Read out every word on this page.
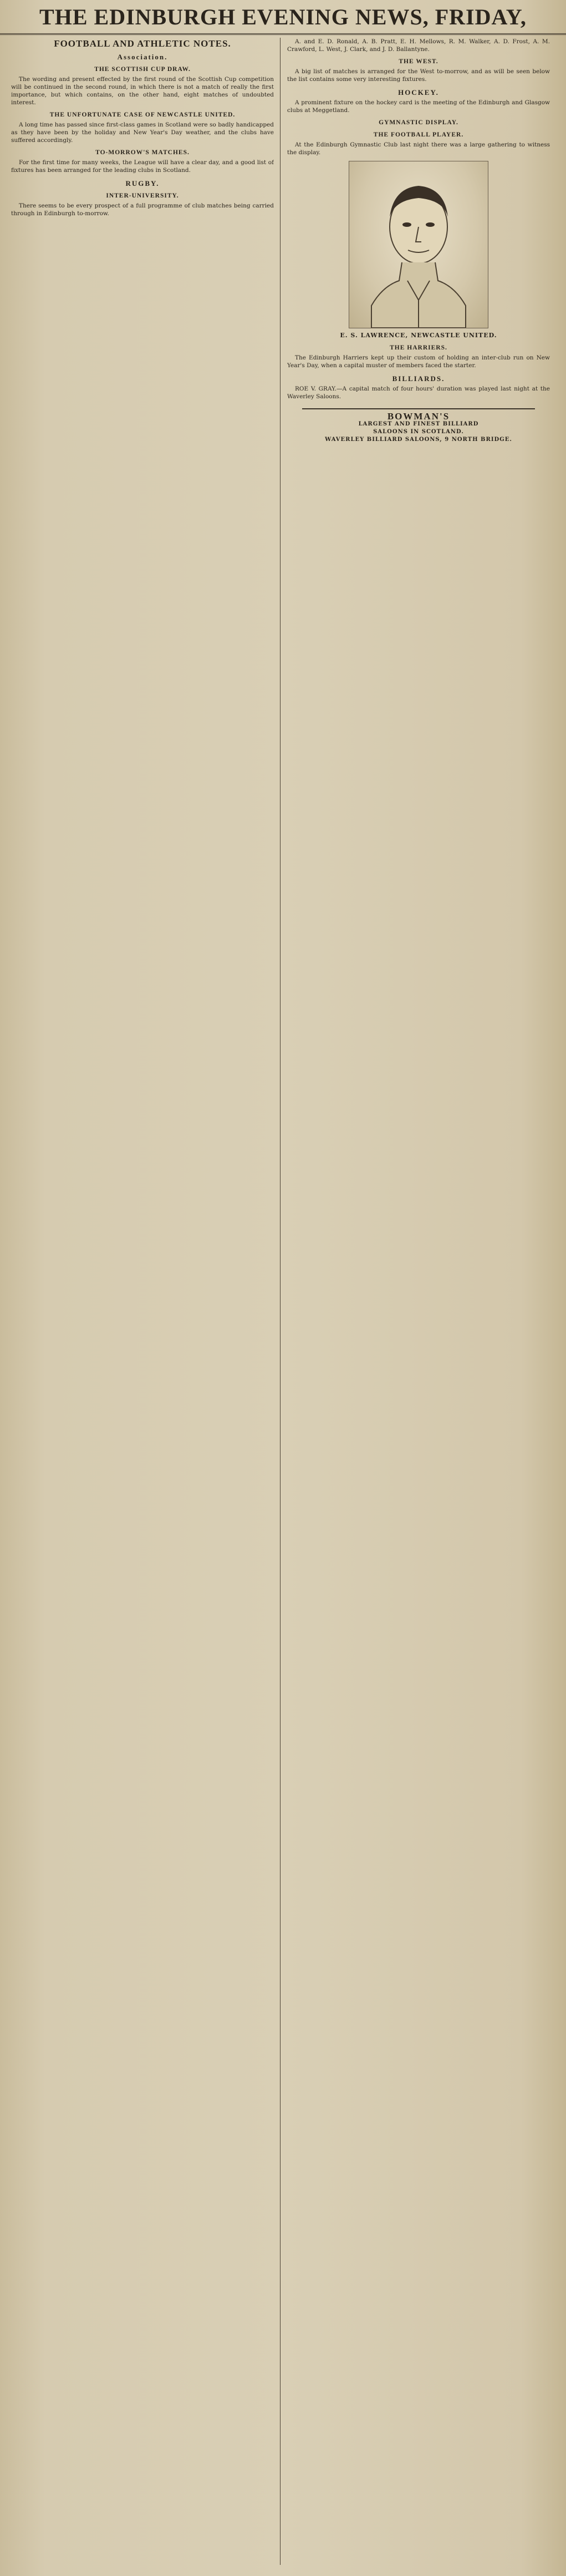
THE EDINBURGH EVENING NEWS, FRIDAY,
FOOTBALL AND ATHLETIC NOTES.
Association.
THE SCOTTISH CUP DRAW.

The wording and present effected by the first round of the Scottish Cup competition will be continued in the second round, in which there is not a match of really the first importance, but which contains, on the other hand, eight matches of undoubted interest.

THE UNFORTUNATE CASE OF NEWCASTLE UNITED.

A long time has passed since first-class games in Scotland were so badly handicapped as they have been by the holiday and New Year's Day weather, and the clubs have suffered accordingly.

TO-MORROW'S MATCHES.

For the first time for many weeks, the League will have a clear day, and a good list of fixtures has been arranged for the leading clubs in Scotland.

RUGBY.
INTER-UNIVERSITY.

There seems to be every prospect of a full programme of club matches being carried through in Edinburgh to-morrow.

A. and E. D. Ronald, A. B. Pratt, E. H. Mellows, R. M. Walker, A. D. Frost, A. M. Crawford, L. West, J. Clark, and J. D. Ballantyne.

THE WEST.

A big list of matches is arranged for the West to-morrow, and as will be seen below the list contains some very interesting fixtures.

HOCKEY.

A prominent fixture on the hockey card is the meeting of the Edinburgh and Glasgow clubs at Meggetland.

GYMNASTIC DISPLAY.
THE FOOTBALL PLAYER.

At the Edinburgh Gymnastic Club last night there was a large gathering to witness the display.

E. S. LAWRENCE, NEWCASTLE UNITED.
THE HARRIERS.

The Edinburgh Harriers kept up their custom of holding an inter-club run on New Year's Day, when a capital muster of members faced the starter.

BILLIARDS.

ROE V. GRAY.—A capital match of four hours' duration was played last night at the Waverley Saloons.

BOWMAN'S
LARGEST AND FINEST BILLIARD
SALOONS IN SCOTLAND.
WAVERLEY BILLIARD SALOONS, 9 NORTH BRIDGE.
